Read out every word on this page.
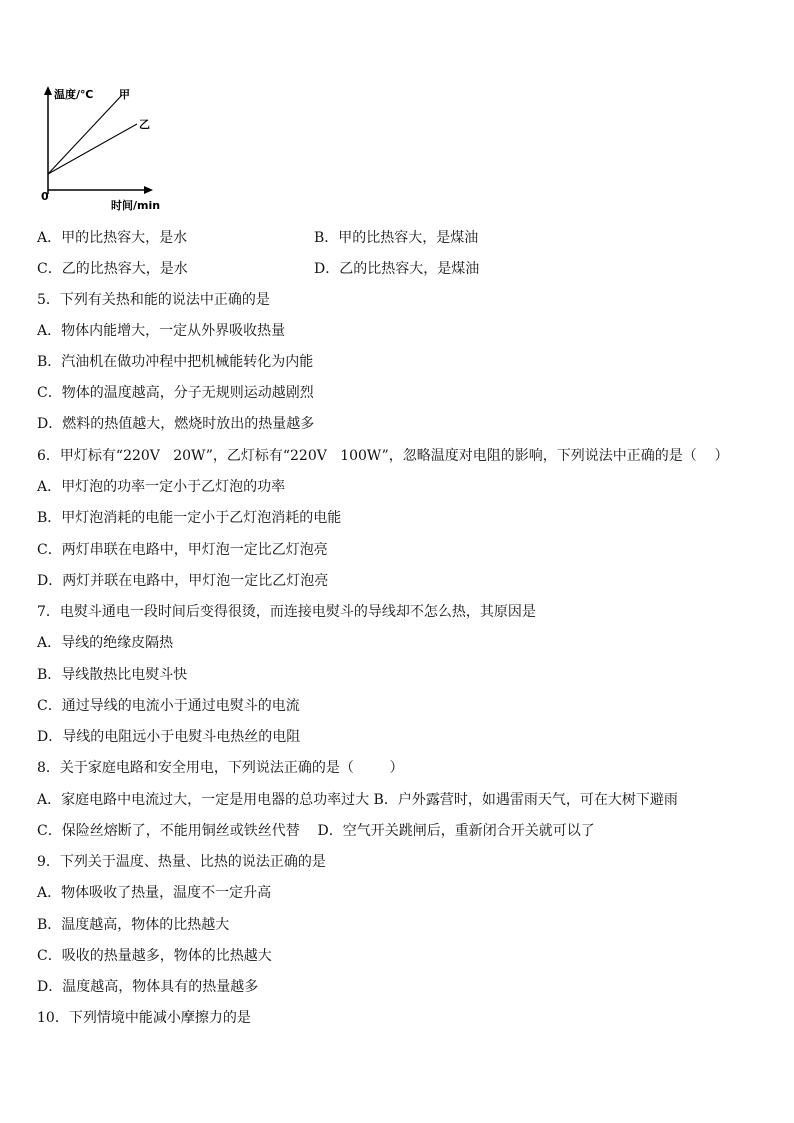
温度/℃ 甲
乙
0
时间/min
A．甲的比热容大，是水	B．甲的比热容大，是煤油
C．乙的比热容大，是水	D．乙的比热容大，是煤油
5．下列有关热和能的说法中正确的是
A．物体内能增大，一定从外界吸收热量
B．汽油机在做功冲程中把机械能转化为内能
C．物体的温度越高，分子无规则运动越剧烈
D．燃料的热值越大，燃烧时放出的热量越多
6．甲灯标有“220V   20W”，乙灯标有“220V   100W”，忽略温度对电阻的影响，下列说法中正确的是（    ）
A．甲灯泡的功率一定小于乙灯泡的功率
B．甲灯泡消耗的电能一定小于乙灯泡消耗的电能
C．两灯串联在电路中，甲灯泡一定比乙灯泡亮
D．两灯并联在电路中，甲灯泡一定比乙灯泡亮
7．电熨斗通电一段时间后变得很烫，而连接电熨斗的导线却不怎么热，其原因是
A．导线的绝缘皮隔热
B．导线散热比电熨斗快
C．通过导线的电流小于通过电熨斗的电流
D．导线的电阻远小于电熨斗电热丝的电阻
8．关于家庭电路和安全用电，下列说法正确的是（        ）
A．家庭电路中电流过大，一定是用电器的总功率过大 B．户外露营时，如遇雷雨天气，可在大树下避雨
C．保险丝熔断了，不能用铜丝或铁丝代替    D．空气开关跳闸后，重新闭合开关就可以了
9．下列关于温度、热量、比热的说法正确的是
A．物体吸收了热量，温度不一定升高
B．温度越高，物体的比热越大
C．吸收的热量越多，物体的比热越大
D．温度越高，物体具有的热量越多
10．下列情境中能减小摩擦力的是
